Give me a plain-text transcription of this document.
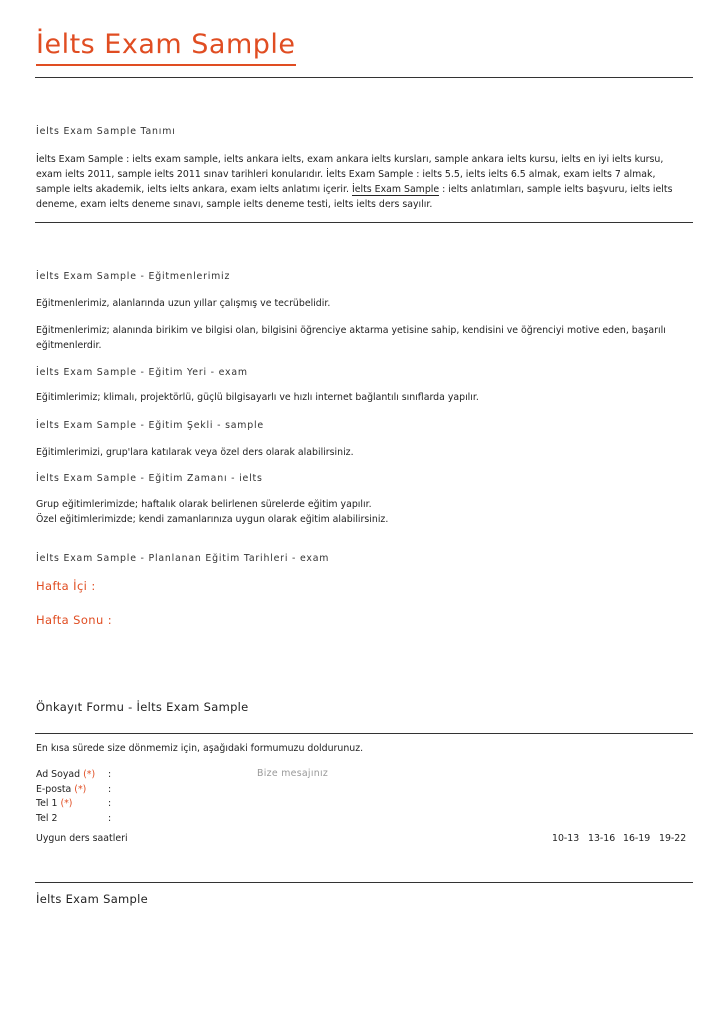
İelts Exam Sample
İelts Exam Sample Tanımı
İelts Exam Sample : ielts exam sample, ielts ankara ielts, exam ankara ielts kursları, sample ankara ielts kursu, ielts en iyi ielts kursu, exam ielts 2011, sample ielts 2011 sınav tarihleri konularıdır. İelts Exam Sample : ielts 5.5, ielts ielts 6.5 almak, exam ielts 7 almak, sample ielts akademik, ielts ielts ankara, exam ielts anlatımı içerir. İelts Exam Sample : ielts anlatımları, sample ielts başvuru, ielts ielts deneme, exam ielts deneme sınavı, sample ielts deneme testi, ielts ielts ders sayılır.
İelts Exam Sample - Eğitmenlerimiz
Eğitmenlerimiz, alanlarında uzun yıllar çalışmış ve tecrübelidir.
Eğitmenlerimiz; alanında birikim ve bilgisi olan, bilgisini öğrenciye aktarma yetisine sahip, kendisini ve öğrenciyi motive eden, başarılı eğitmenlerdir.
İelts Exam Sample - Eğitim Yeri - exam
Eğitimlerimiz; klimalı, projektörlü, güçlü bilgisayarlı ve hızlı internet bağlantılı sınıflarda yapılır.
İelts Exam Sample - Eğitim Şekli - sample
Eğitimlerimizi, grup'lara katılarak veya özel ders olarak alabilirsiniz.
İelts Exam Sample - Eğitim Zamanı - ielts
Grup eğitimlerimizde; haftalık olarak belirlenen sürelerde eğitim yapılır.
Özel eğitimlerimizde; kendi zamanlarınıza uygun olarak eğitim alabilirsiniz.
İelts Exam Sample - Planlanan Eğitim Tarihleri - exam
Hafta İçi :
Hafta Sonu :
Önkayıt Formu - İelts Exam Sample
En kısa sürede size dönmemiz için, aşağıdaki formumuzu doldurunuz.
Ad Soyad (*) :
E-posta (*) :
Tel 1 (*)	:
Tel 2	:
Bize mesajınız
Uygun ders saatleri	10-13 13-16 16-19 19-22
İelts Exam Sample
